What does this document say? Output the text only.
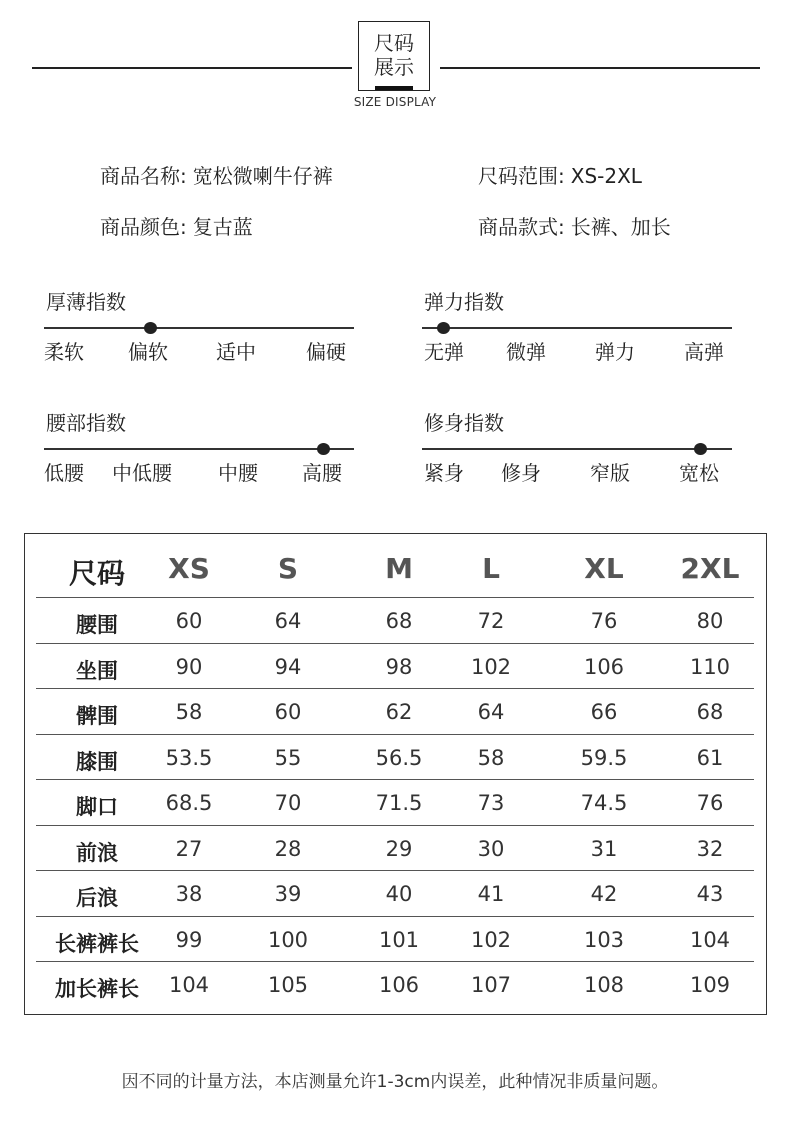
尺码
展示
SIZE DISPLAY
商品名称: 宽松微喇牛仔裤	尺码范围: XS-2XL
商品颜色: 复古蓝	商品款式: 长裤、加长
厚薄指数
柔软 偏软 适中	偏硬
弹力指数
无弹 微弹 弹力 高弹
腰部指数
低腰 中低腰 中腰 高腰
修身指数
紧身 修身 窄版 宽松
尺码 XS S	M L	XL 2XL
腰围	60	64	68	72	76	80
坐围	90	94	98	102	106	110
髀围	58	60	62	64	66	68
膝围 53.5	55	56.5	58	59.5	61
脚口 68.5	70	71.5	73	74.5	76
前浪	27	28	29	30	31	32
后浪	38	39	40	41	42	43
长裤裤长 99	100	101 102	103	104
加长裤长 104	105	106 107	108	109
因不同的计量方法，本店测量允许1-3cm内误差，此种情况非质量问题。
